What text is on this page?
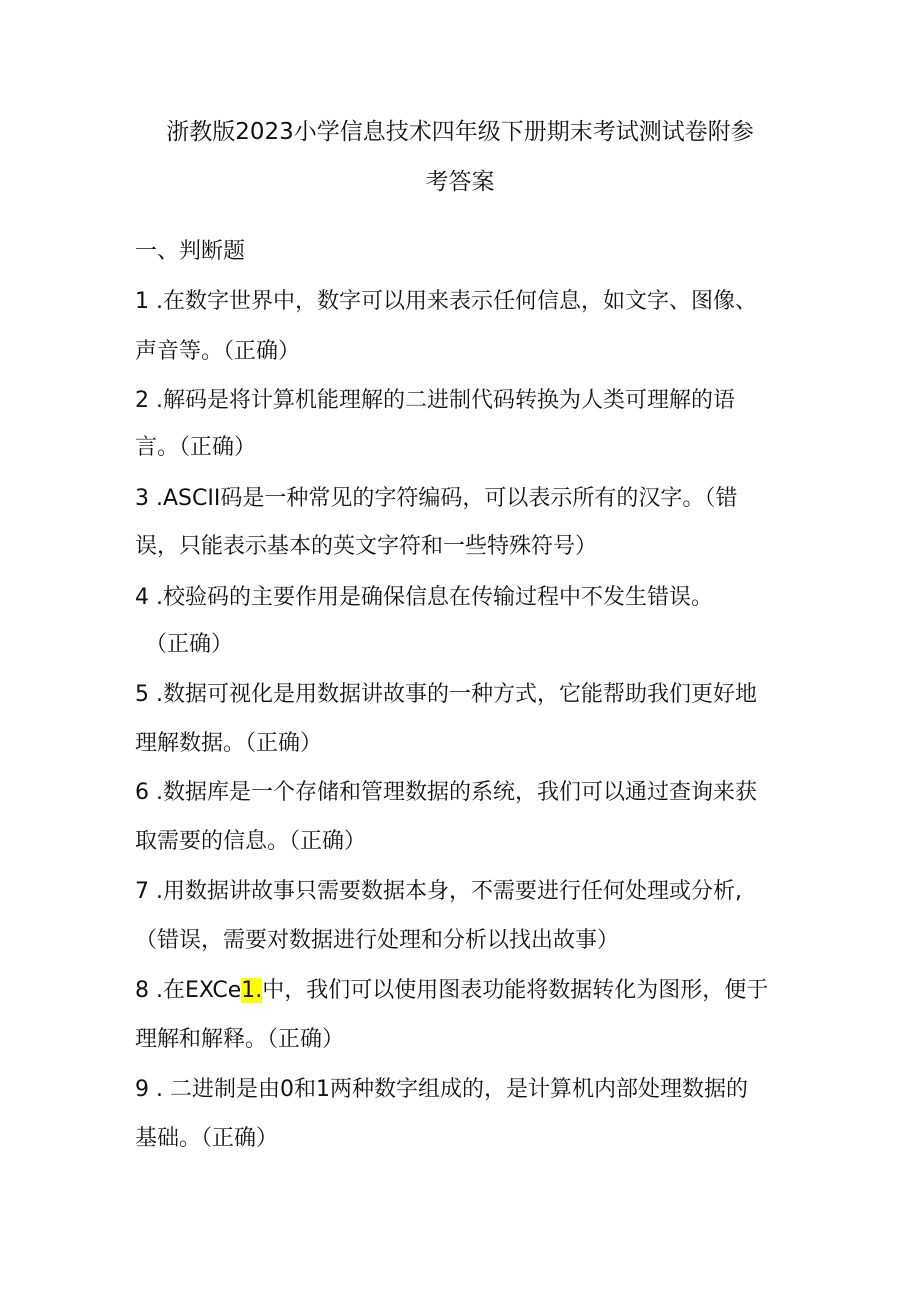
浙教版2023小学信息技术四年级下册期末考试测试卷附参
考答案
一、判断题
1 .在数字世界中，数字可以用来表示任何信息，如文字、图像、
声音等。（正确）
2 .解码是将计算机能理解的二进制代码转换为人类可理解的语
言。（正确）
3 .ASCII码是一种常见的字符编码，可以表示所有的汉字。（错
误，只能表示基本的英文字符和一些特殊符号）
4 .校验码的主要作用是确保信息在传输过程中不发生错误。
（正确）
5 .数据可视化是用数据讲故事的一种方式，它能帮助我们更好地
理解数据。（正确）
6 .数据库是一个存储和管理数据的系统，我们可以通过查询来获
取需要的信息。（正确）
7 .用数据讲故事只需要数据本身，不需要进行任何处理或分析,
（错误，需要对数据进行处理和分析以找出故事）
8 .在EXCe1.中，我们可以使用图表功能将数据转化为图形，便于
理解和解释。（正确）
9 . 二进制是由0和1两种数字组成的，是计算机内部处理数据的
基础。（正确）
